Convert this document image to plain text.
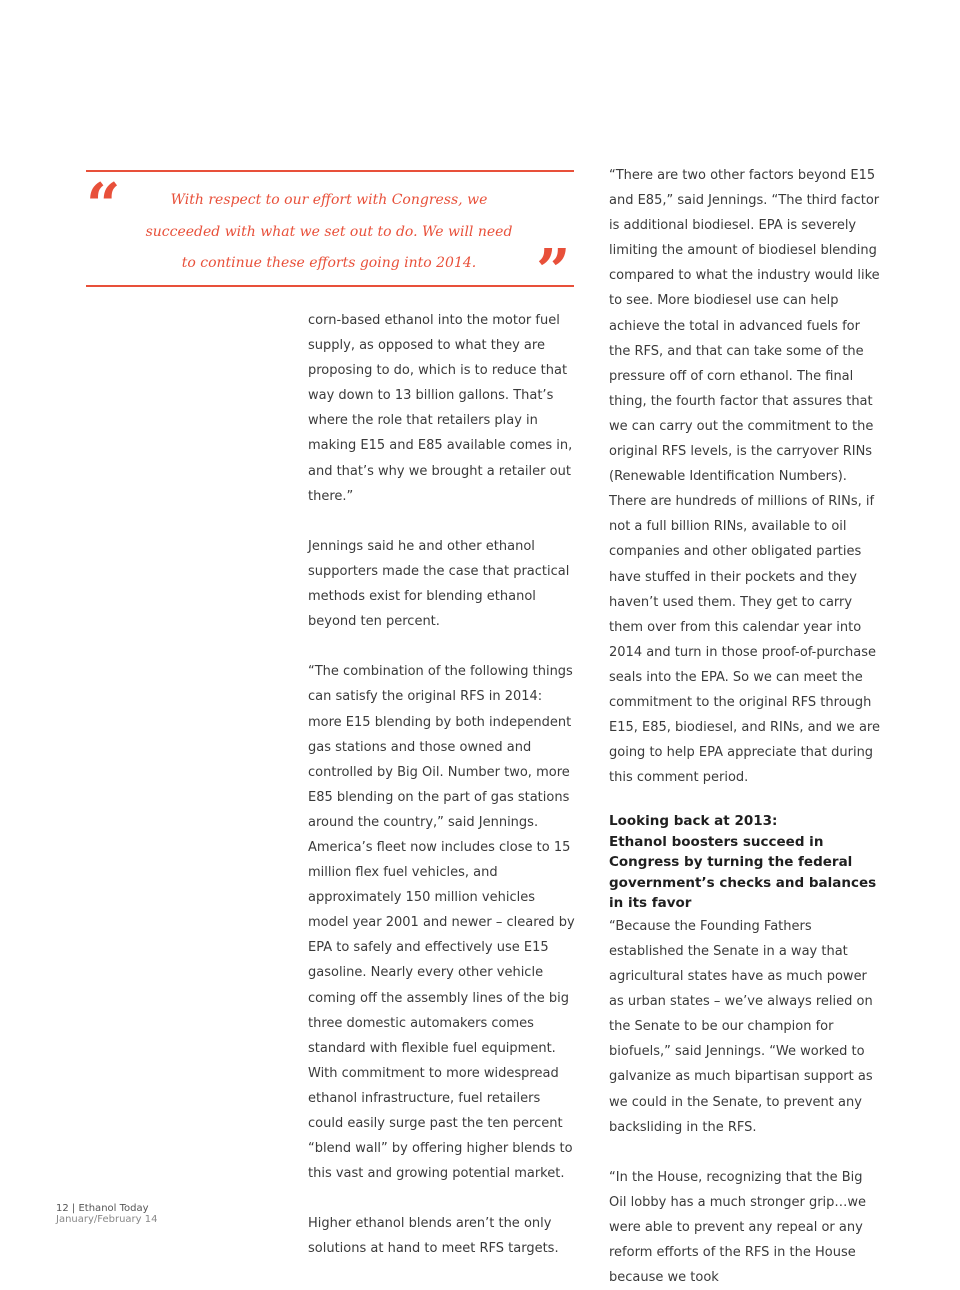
“	With respect to our effort with Congress, we succeeded with what we set out to do. We will need to continue these efforts going into 2014. ”

corn-based ethanol into the motor fuel supply, as opposed to what they are proposing to do, which is to reduce that way down to 13 billion gallons. That’s where the role that retailers play in making E15 and E85 available comes in, and that’s why we brought a retailer out there.”

Jennings said he and other ethanol supporters made the case that practical methods exist for blending ethanol beyond ten percent.

“The combination of the following things can satisfy the original RFS in 2014: more E15 blending by both independent gas stations and those owned and controlled by Big Oil. Number two, more E85 blending on the part of gas stations around the country,” said Jennings. America’s fleet now includes close to 15 million flex fuel vehicles, and approximately 150 million vehicles model year 2001 and newer – cleared by EPA to safely and effectively use E15 gasoline. Nearly every other vehicle coming off the assembly lines of the big three domestic automakers comes standard with flexible fuel equipment. With commitment to more widespread ethanol infrastructure, fuel retailers could easily surge past the ten percent “blend wall” by offering higher blends to this vast and growing potential market.

Higher ethanol blends aren’t the only solutions at hand to meet RFS targets.

“There are two other factors beyond E15 and E85,” said Jennings. “The third factor is additional biodiesel. EPA is severely limiting the amount of biodiesel blending compared to what the industry would like to see. More biodiesel use can help achieve the total in advanced fuels for the RFS, and that can take some of the pressure off of corn ethanol. The final thing, the fourth factor that assures that we can carry out the commitment to the original RFS levels, is the carryover RINs (Renewable Identification Numbers). There are hundreds of millions of RINs, if not a full billion RINs, available to oil companies and other obligated parties have stuffed in their pockets and they haven’t used them. They get to carry them over from this calendar year into 2014 and turn in those proof-of-purchase seals into the EPA. So we can meet the commitment to the original RFS through E15, E85, biodiesel, and RINs, and we are going to help EPA appreciate that during this comment period.

Looking back at 2013:
Ethanol boosters succeed in Congress by turning the federal government’s checks and balances in its favor

“Because the Founding Fathers established the Senate in a way that agricultural states have as much power as urban states – we’ve always relied on the Senate to be our champion for biofuels,” said Jennings. “We worked to galvanize as much bipartisan support as we could in the Senate, to prevent any backsliding in the RFS.

“In the House, recognizing that the Big Oil lobby has a much stronger grip…we were able to prevent any repeal or any reform efforts of the RFS in the House because we took

12 | Ethanol Today
January/February 14
